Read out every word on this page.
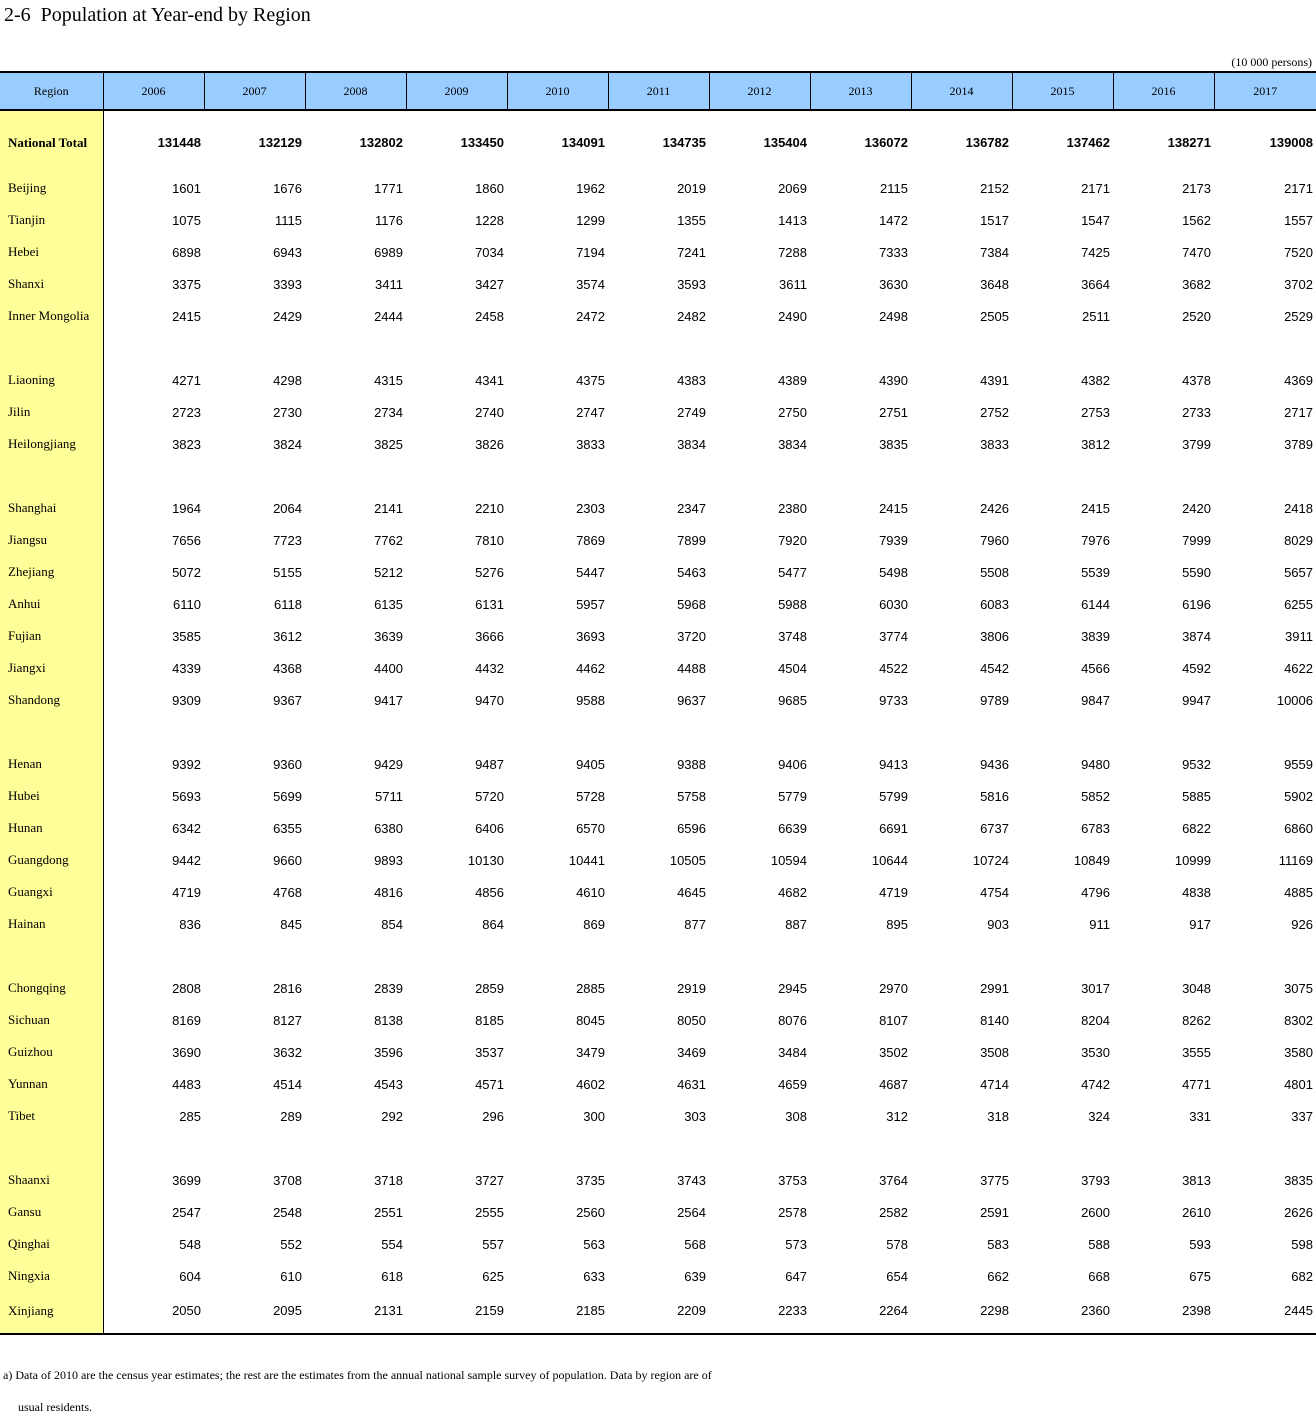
2-6  Population at Year-end by Region
(10 000 persons)
Region	2006	2007	2008	2009	2010	2011	2012	2013	2014	2015	2016	2017
National Total	131448	132129	132802	133450	134091	134735	135404	136072	136782	137462	138271	139008
Beijing	1601	1676	1771	1860	1962	2019	2069	2115	2152	2171	2173	2171
Tianjin	1075	1115	1176	1228	1299	1355	1413	1472	1517	1547	1562	1557
Hebei	6898	6943	6989	7034	7194	7241	7288	7333	7384	7425	7470	7520
Shanxi	3375	3393	3411	3427	3574	3593	3611	3630	3648	3664	3682	3702
Inner Mongolia	2415	2429	2444	2458	2472	2482	2490	2498	2505	2511	2520	2529

Liaoning	4271	4298	4315	4341	4375	4383	4389	4390	4391	4382	4378	4369
Jilin	2723	2730	2734	2740	2747	2749	2750	2751	2752	2753	2733	2717
Heilongjiang	3823	3824	3825	3826	3833	3834	3834	3835	3833	3812	3799	3789

Shanghai	1964	2064	2141	2210	2303	2347	2380	2415	2426	2415	2420	2418
Jiangsu	7656	7723	7762	7810	7869	7899	7920	7939	7960	7976	7999	8029
Zhejiang	5072	5155	5212	5276	5447	5463	5477	5498	5508	5539	5590	5657
Anhui	6110	6118	6135	6131	5957	5968	5988	6030	6083	6144	6196	6255
Fujian	3585	3612	3639	3666	3693	3720	3748	3774	3806	3839	3874	3911
Jiangxi	4339	4368	4400	4432	4462	4488	4504	4522	4542	4566	4592	4622
Shandong	9309	9367	9417	9470	9588	9637	9685	9733	9789	9847	9947	10006

Henan	9392	9360	9429	9487	9405	9388	9406	9413	9436	9480	9532	9559
Hubei	5693	5699	5711	5720	5728	5758	5779	5799	5816	5852	5885	5902
Hunan	6342	6355	6380	6406	6570	6596	6639	6691	6737	6783	6822	6860
Guangdong	9442	9660	9893	10130	10441	10505	10594	10644	10724	10849	10999	11169
Guangxi	4719	4768	4816	4856	4610	4645	4682	4719	4754	4796	4838	4885
Hainan	836	845	854	864	869	877	887	895	903	911	917	926

Chongqing	2808	2816	2839	2859	2885	2919	2945	2970	2991	3017	3048	3075
Sichuan	8169	8127	8138	8185	8045	8050	8076	8107	8140	8204	8262	8302
Guizhou	3690	3632	3596	3537	3479	3469	3484	3502	3508	3530	3555	3580
Yunnan	4483	4514	4543	4571	4602	4631	4659	4687	4714	4742	4771	4801
Tibet	285	289	292	296	300	303	308	312	318	324	331	337

Shaanxi	3699	3708	3718	3727	3735	3743	3753	3764	3775	3793	3813	3835
Gansu	2547	2548	2551	2555	2560	2564	2578	2582	2591	2600	2610	2626
Qinghai	548	552	554	557	563	568	573	578	583	588	593	598
Ningxia	604	610	618	625	633	639	647	654	662	668	675	682
Xinjiang	2050	2095	2131	2159	2185	2209	2233	2264	2298	2360	2398	2445
a) Data of 2010 are the census year estimates; the rest are the estimates from the annual national sample survey of population. Data by region are of
usual residents.
